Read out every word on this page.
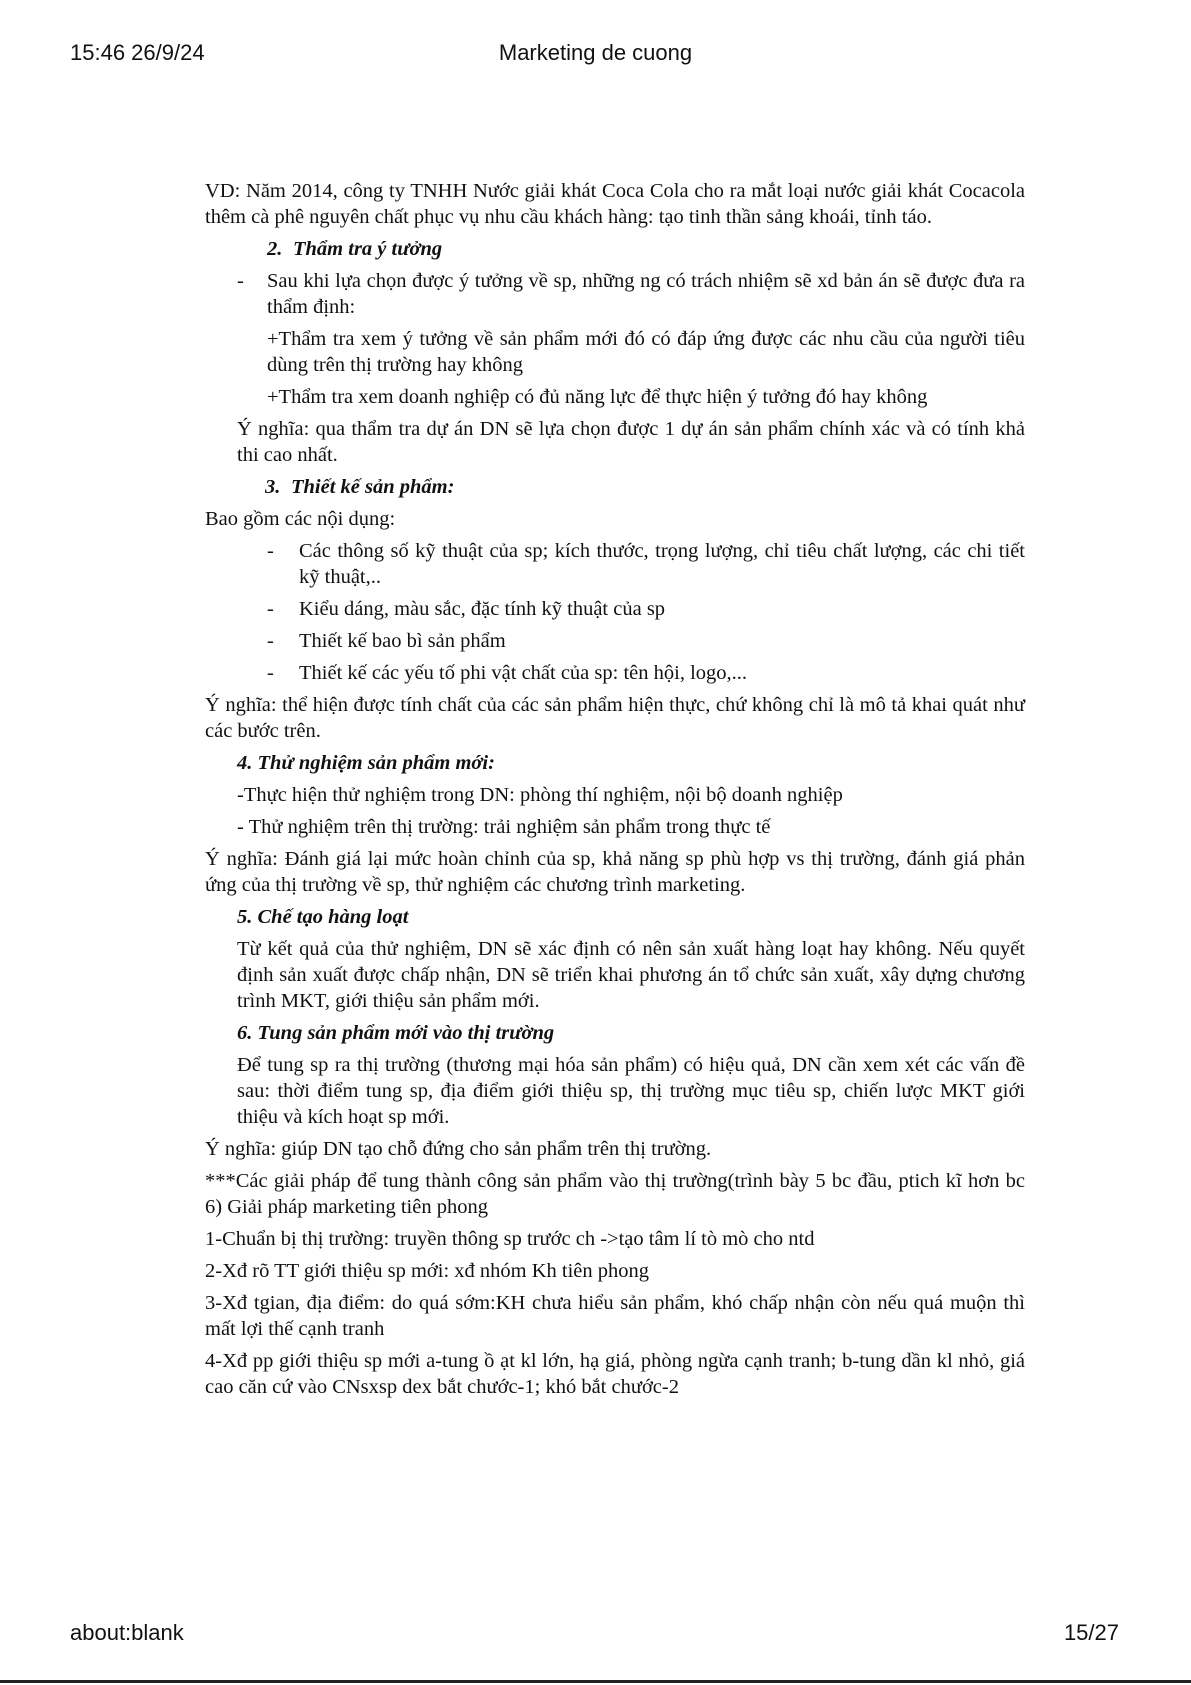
15:46 26/9/24	Marketing de cuong

VD: Năm 2014, công ty TNHH Nước giải khát Coca Cola cho ra mắt loại nước giải khát Cocacola thêm cà phê nguyên chất phục vụ nhu cầu khách hàng: tạo tinh thần sảng khoái, tỉnh táo.

2. Thẩm tra ý tưởng

- Sau khi lựa chọn được ý tưởng về sp, những ng có trách nhiệm sẽ xd bản án sẽ được đưa ra thẩm định:

+Thẩm tra xem ý tưởng về sản phẩm mới đó có đáp ứng được các nhu cầu của người tiêu dùng trên thị trường hay không

+Thẩm tra xem doanh nghiệp có đủ năng lực để thực hiện ý tưởng đó hay không

Ý nghĩa: qua thẩm tra dự án DN sẽ lựa chọn được 1 dự án sản phẩm chính xác và có tính khả thi cao nhất.

3. Thiết kế sản phẩm:

Bao gồm các nội dụng:

- Các thông số kỹ thuật của sp; kích thước, trọng lượng, chỉ tiêu chất lượng, các chi tiết kỹ thuật,..

- Kiểu dáng, màu sắc, đặc tính kỹ thuật của sp

- Thiết kế bao bì sản phẩm

- Thiết kế các yếu tố phi vật chất của sp: tên hội, logo,...

Ý nghĩa: thể hiện được tính chất của các sản phẩm hiện thực, chứ không chỉ là mô tả khai quát như các bước trên.

4. Thử nghiệm sản phẩm mới:

-Thực hiện thử nghiệm trong DN: phòng thí nghiệm, nội bộ doanh nghiệp

- Thử nghiệm trên thị trường: trải nghiệm sản phẩm trong thực tế

Ý nghĩa: Đánh giá lại mức hoàn chỉnh của sp, khả năng sp phù hợp vs thị trường, đánh giá phản ứng của thị trường về sp, thử nghiệm các chương trình marketing.

5. Chế tạo hàng loạt

Từ kết quả của thử nghiệm, DN sẽ xác định có nên sản xuất hàng loạt hay không. Nếu quyết định sản xuất được chấp nhận, DN sẽ triển khai phương án tổ chức sản xuất, xây dựng chương trình MKT, giới thiệu sản phẩm mới.

6. Tung sản phẩm mới vào thị trường

Để tung sp ra thị trường (thương mại hóa sản phẩm) có hiệu quả, DN cần xem xét các vấn đề sau: thời điểm tung sp, địa điểm giới thiệu sp, thị trường mục tiêu sp, chiến lược MKT giới thiệu và kích hoạt sp mới.

Ý nghĩa: giúp DN tạo chỗ đứng cho sản phẩm trên thị trường.

***Các giải pháp để tung thành công sản phẩm vào thị trường(trình bày 5 bc đầu, ptich kĩ hơn bc 6) Giải pháp marketing tiên phong

1-Chuẩn bị thị trường: truyền thông sp trước ch ->tạo tâm lí tò mò cho ntd

2-Xđ rõ TT giới thiệu sp mới: xđ nhóm Kh tiên phong

3-Xđ tgian, địa điểm: do quá sớm:KH chưa hiểu sản phẩm, khó chấp nhận còn nếu quá muộn thì mất lợi thế cạnh tranh

4-Xđ pp giới thiệu sp mới a-tung ồ ạt kl lớn, hạ giá, phòng ngừa cạnh tranh; b-tung dần kl nhỏ, giá cao căn cứ vào CNsxsp dex bắt chước-1; khó bắt chước-2

about:blank	15/27
